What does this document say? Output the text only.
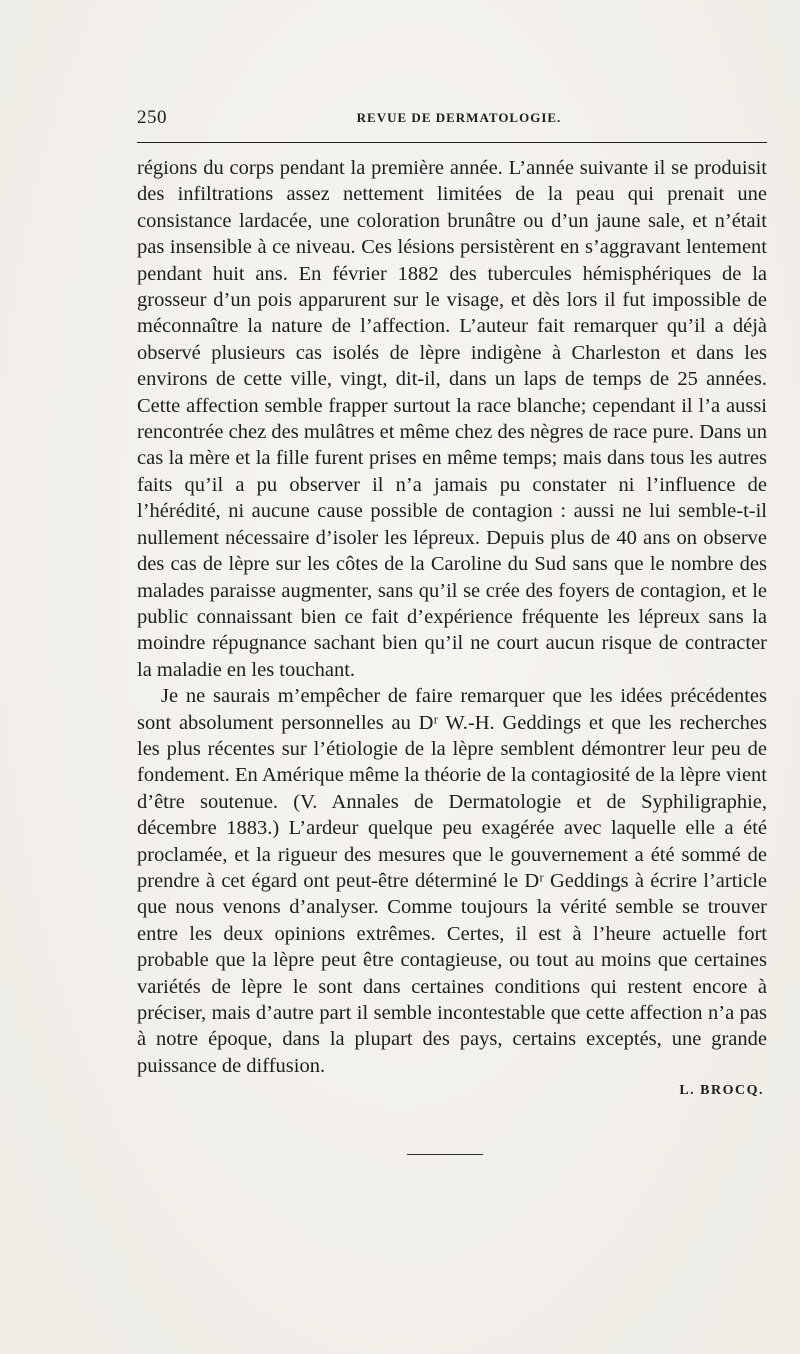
250	REVUE DE DERMATOLOGIE.

régions du corps pendant la première année. L’année suivante il se produisit des infiltrations assez nettement limitées de la peau qui prenait une consistance lardacée, une coloration brunâtre ou d’un jaune sale, et n’était pas insensible à ce niveau. Ces lésions persistèrent en s’aggravant lentement pendant huit ans. En février 1882 des tubercules hémisphériques de la grosseur d’un pois apparurent sur le visage, et dès lors il fut impossible de méconnaître la nature de l’affection. L’auteur fait remarquer qu’il a déjà observé plusieurs cas isolés de lèpre indigène à Charleston et dans les environs de cette ville, vingt, dit-il, dans un laps de temps de 25 années. Cette affection semble frapper surtout la race blanche; cependant il l’a aussi rencontrée chez des mulâtres et même chez des nègres de race pure. Dans un cas la mère et la fille furent prises en même temps; mais dans tous les autres faits qu’il a pu observer il n’a jamais pu constater ni l’influence de l’hérédité, ni aucune cause possible de contagion : aussi ne lui semble-t-il nullement nécessaire d’isoler les lépreux. Depuis plus de 40 ans on observe des cas de lèpre sur les côtes de la Caroline du Sud sans que le nombre des malades paraisse augmenter, sans qu’il se crée des foyers de contagion, et le public connaissant bien ce fait d’expérience fréquente les lépreux sans la moindre répugnance sachant bien qu’il ne court aucun risque de contracter la maladie en les touchant.

Je ne saurais m’empêcher de faire remarquer que les idées précédentes sont absolument personnelles au Dʳ W.-H. Geddings et que les recherches les plus récentes sur l’étiologie de la lèpre semblent démontrer leur peu de fondement. En Amérique même la théorie de la contagiosité de la lèpre vient d’être soutenue. (V. Annales de Dermatologie et de Syphiligraphie, décembre 1883.) L’ardeur quelque peu exagérée avec laquelle elle a été proclamée, et la rigueur des mesures que le gouvernement a été sommé de prendre à cet égard ont peut-être déterminé le Dʳ Geddings à écrire l’article que nous venons d’analyser. Comme toujours la vérité semble se trouver entre les deux opinions extrêmes. Certes, il est à l’heure actuelle fort probable que la lèpre peut être contagieuse, ou tout au moins que certaines variétés de lèpre le sont dans certaines conditions qui restent encore à préciser, mais d’autre part il semble incontestable que cette affection n’a pas à notre époque, dans la plupart des pays, certains exceptés, une grande puissance de diffusion.

L. BROCQ.
